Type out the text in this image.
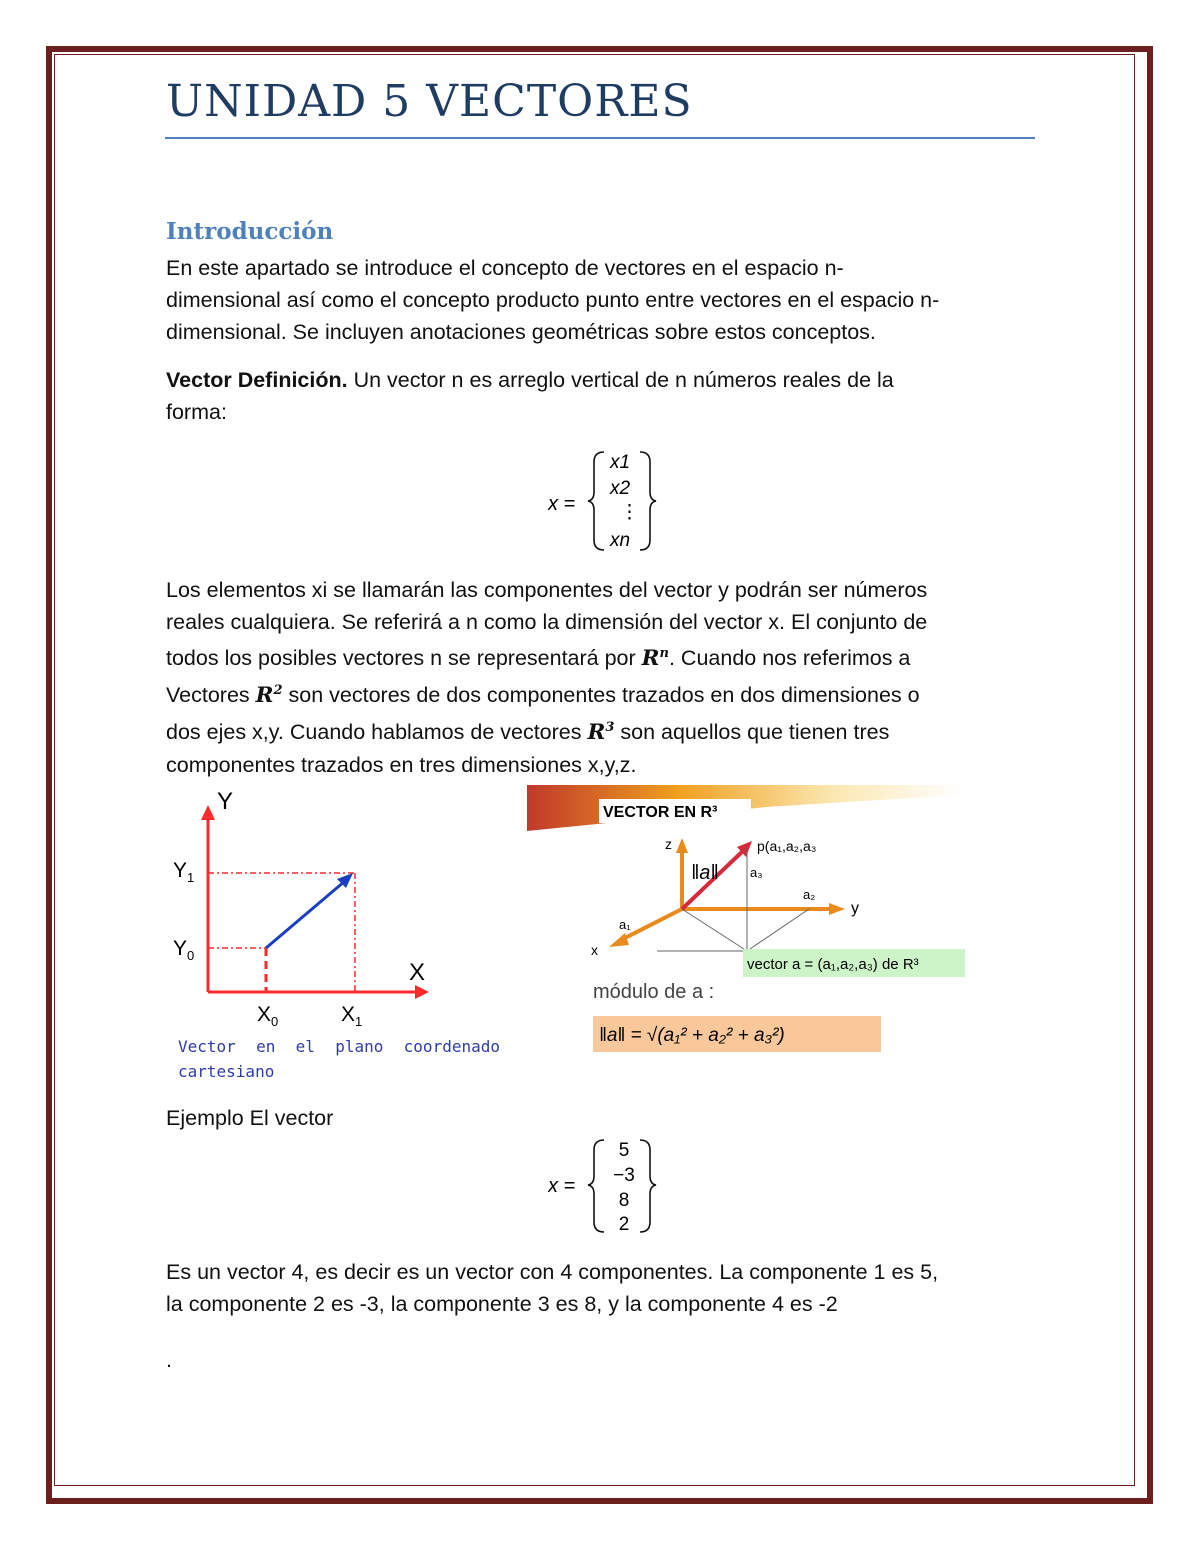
UNIDAD 5 VECTORES
Introducción
En este apartado se introduce el concepto de vectores en el espacio n-
dimensional así como el concepto producto punto entre vectores en el espacio n-
dimensional. Se incluyen anotaciones geométricas sobre estos conceptos.
Vector Definición. Un vector n es arreglo vertical de n números reales de la
forma:
x =
x1
x2
⋮
xn
Los elementos xi se llamarán las componentes del vector y podrán ser números
reales cualquiera. Se referirá a n como la dimensión del vector x. El conjunto de
todos los posibles vectores n se representará por $R^n$. Cuando nos referimos a
Vectores $R^2$ son vectores de dos componentes trazados en dos dimensiones o
dos ejes x,y. Cuando hablamos de vectores $R^3$ son aquellos que tienen tres
componentes trazados en tres dimensiones x,y,z.
Y
X
$Y_1$
$Y_0$
$X_0$	$X_1$
Vector en el plano coordenado
cartesiano
VECTOR EN R³
z
y
x
p(a₁,a₂,a₃
a₁
a₂
a₃
‖a‖
vector a = (a₁,a₂,a₃) de R³
módulo de a :
‖a‖ = √(a₁² + a₂² + a₃²)
Ejemplo El vector
x =
5
−3
8
2
Es un vector 4, es decir es un vector con 4 componentes. La componente 1 es 5,
la componente 2 es -3, la componente 3 es 8, y la componente 4 es -2
.
